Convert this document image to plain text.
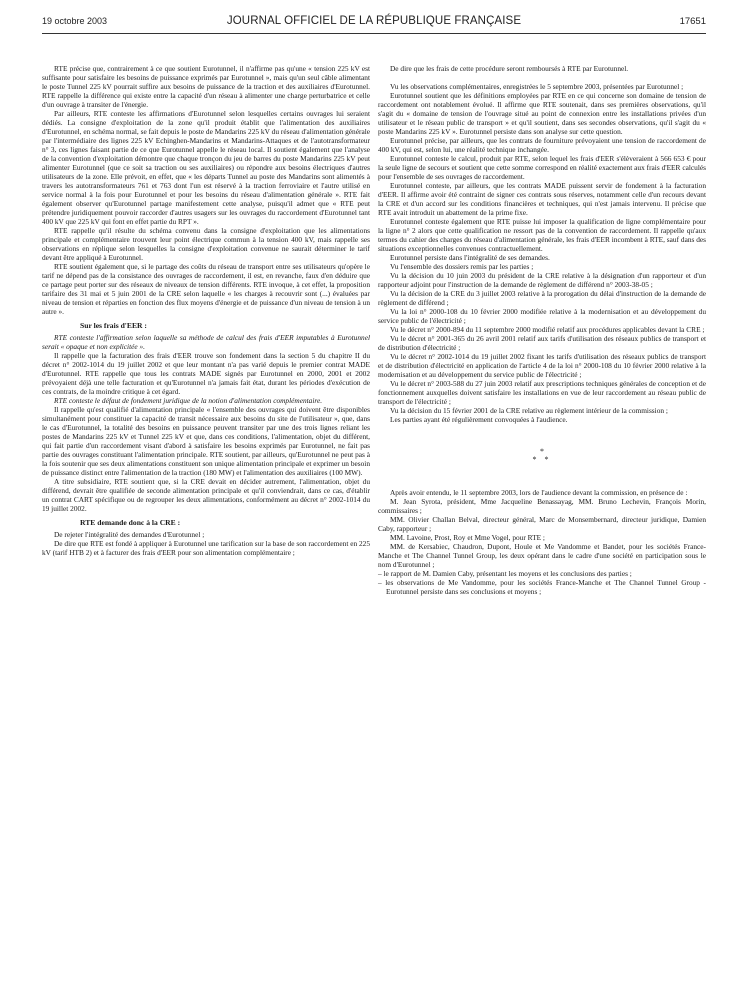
19 octobre 2003	JOURNAL OFFICIEL DE LA RÉPUBLIQUE FRANÇAISE	17651

RTE précise que, contrairement à ce que soutient Eurotunnel, il n'affirme pas qu'une « tension 225 kV est suffisante pour satisfaire les besoins de puissance exprimés par Eurotunnel », mais qu'un seul câble alimentant le poste Tunnel 225 kV pourrait suffire aux besoins de puissance de la traction et des auxiliaires d'Eurotunnel. RTE rappelle la différence qui existe entre la capacité d'un réseau à alimenter une charge perturbatrice et celle d'un ouvrage à transiter de l'énergie.

Par ailleurs, RTE conteste les affirmations d'Eurotunnel selon lesquelles certains ouvrages lui seraient dédiés. La consigne d'exploitation de la zone qu'il produit établit que l'alimentation des auxiliaires d'Eurotunnel, en schéma normal, se fait depuis le poste de Mandarins 225 kV du réseau d'alimentation générale par l'intermédiaire des lignes 225 kV Echinghen-Mandarins et Mandarins-Attaques et de l'autotransformateur n° 3, ces lignes faisant partie de ce que Eurotunnel appelle le réseau local. Il soutient également que l'analyse de la convention d'exploitation démontre que chaque tronçon du jeu de barres du poste Mandarins 225 kV peut alimenter Eurotunnel (que ce soit sa traction ou ses auxiliaires) ou répondre aux besoins électriques d'autres utilisateurs de la zone. Elle prévoit, en effet, que « les départs Tunnel au poste des Mandarins sont alimentés à travers les autotransformateurs 761 et 763 dont l'un est réservé à la traction ferroviaire et l'autre utilisé en service normal à la fois pour Eurotunnel et pour les besoins du réseau d'alimentation générale ». RTE fait également observer qu'Eurotunnel partage manifestement cette analyse, puisqu'il admet que « RTE peut prétendre juridiquement pouvoir raccorder d'autres usagers sur les ouvrages du raccordement d'Eurotunnel tant 400 kV que 225 kV qui font en effet partie du RPT ».

RTE rappelle qu'il résulte du schéma convenu dans la consigne d'exploitation que les alimentations principale et complémentaire trouvent leur point électrique commun à la tension 400 kV, mais rappelle ses observations en réplique selon lesquelles la consigne d'exploitation convenue ne saurait déterminer le tarif devant être appliqué à Eurotunnel.

RTE soutient également que, si le partage des coûts du réseau de transport entre ses utilisateurs qu'opère le tarif ne dépend pas de la consistance des ouvrages de raccordement, il est, en revanche, faux d'en déduire que ce partage peut porter sur des réseaux de niveaux de tension différents. RTE invoque, à cet effet, la proposition tarifaire des 31 mai et 5 juin 2001 de la CRE selon laquelle « les charges à recouvrir sont (...) évaluées par niveau de tension et réparties en fonction des flux moyens d'énergie et de puissance d'un niveau de tension à un autre ».

Sur les frais d'EER :

RTE conteste l'affirmation selon laquelle sa méthode de calcul des frais d'EER imputables à Eurotunnel serait « opaque et non explicitée ».

Il rappelle que la facturation des frais d'EER trouve son fondement dans la section 5 du chapitre II du décret n° 2002-1014 du 19 juillet 2002 et que leur montant n'a pas varié depuis le premier contrat MADE d'Eurotunnel. RTE rappelle que tous les contrats MADE signés par Eurotunnel en 2000, 2001 et 2002 prévoyaient déjà une telle facturation et qu'Eurotunnel n'a jamais fait état, durant les périodes d'exécution de ces contrats, de la moindre critique à cet égard.

RTE conteste le défaut de fondement juridique de la notion d'alimentation complémentaire.

Il rappelle qu'est qualifié d'alimentation principale « l'ensemble des ouvrages qui doivent être disponibles simultanément pour constituer la capacité de transit nécessaire aux besoins du site de l'utilisateur », que, dans le cas d'Eurotunnel, la totalité des besoins en puissance peuvent transiter par une des trois lignes reliant les postes de Mandarins 225 kV et Tunnel 225 kV et que, dans ces conditions, l'alimentation, objet du différent, qui fait partie d'un raccordement visant d'abord à satisfaire les besoins exprimés par Eurotunnel, ne fait pas partie des ouvrages constituant l'alimentation principale. RTE soutient, par ailleurs, qu'Eurotunnel ne peut pas à la fois soutenir que ses deux alimentations constituent son unique alimentation principale et exprimer un besoin de puissance distinct entre l'alimentation de la traction (180 MW) et l'alimentation des auxiliaires (100 MW).

A titre subsidiaire, RTE soutient que, si la CRE devait en décider autrement, l'alimentation, objet du différend, devrait être qualifiée de seconde alimentation principale et qu'il conviendrait, dans ce cas, d'établir un contrat CART spécifique ou de regrouper les deux alimentations, conformément au décret n° 2002-1014 du 19 juillet 2002.

RTE demande donc à la CRE :

De rejeter l'intégralité des demandes d'Eurotunnel ;

De dire que RTE est fondé à appliquer à Eurotunnel une tarification sur la base de son raccordement en 225 kV (tarif HTB 2) et à facturer des frais d'EER pour son alimentation complémentaire ;

De dire que les frais de cette procédure seront remboursés à RTE par Eurotunnel.

Vu les observations complémentaires, enregistrées le 5 septembre 2003, présentées par Eurotunnel ;

Eurotunnel soutient que les définitions employées par RTE en ce qui concerne son domaine de tension de raccordement ont notablement évolué. Il affirme que RTE soutenait, dans ses premières observations, qu'il s'agit du « domaine de tension de l'ouvrage situé au point de connexion entre les installations privées d'un utilisateur et le réseau public de transport » et qu'il soutient, dans ses secondes observations, qu'il s'agit du « poste Mandarins 225 kV ». Eurotunnel persiste dans son analyse sur cette question.

Eurotunnel précise, par ailleurs, que les contrats de fourniture prévoyaient une tension de raccordement de 400 kV, qui est, selon lui, une réalité technique inchangée.

Eurotunnel conteste le calcul, produit par RTE, selon lequel les frais d'EER s'élèveraient à 566 653 € pour la seule ligne de secours et soutient que cette somme correspond en réalité exactement aux frais d'EER calculés pour l'ensemble de ses ouvrages de raccordement.

Eurotunnel conteste, par ailleurs, que les contrats MADE puissent servir de fondement à la facturation d'EER. Il affirme avoir été contraint de signer ces contrats sous réserves, notamment celle d'un recours devant la CRE et d'un accord sur les conditions financières et techniques, qui n'est jamais intervenu. Il précise que RTE avait introduit un abattement de la prime fixe.

Eurotunnel conteste également que RTE puisse lui imposer la qualification de ligne complémentaire pour la ligne n° 2 alors que cette qualification ne ressort pas de la convention de raccordement. Il rappelle qu'aux termes du cahier des charges du réseau d'alimentation générale, les frais d'EER incombent à RTE, sauf dans des situations exceptionnelles convenues contractuellement.

Eurotunnel persiste dans l'intégralité de ses demandes.

Vu l'ensemble des dossiers remis par les parties ;

Vu la décision du 10 juin 2003 du président de la CRE relative à la désignation d'un rapporteur et d'un rapporteur adjoint pour l'instruction de la demande de règlement de différend n° 2003-38-05 ;

Vu la décision de la CRE du 3 juillet 2003 relative à la prorogation du délai d'instruction de la demande de règlement de différend ;

Vu la loi n° 2000-108 du 10 février 2000 modifiée relative à la modernisation et au développement du service public de l'électricité ;

Vu le décret n° 2000-894 du 11 septembre 2000 modifié relatif aux procédures applicables devant la CRE ;

Vu le décret n° 2001-365 du 26 avril 2001 relatif aux tarifs d'utilisation des réseaux publics de transport et de distribution d'électricité ;

Vu le décret n° 2002-1014 du 19 juillet 2002 fixant les tarifs d'utilisation des réseaux publics de transport et de distribution d'électricité en application de l'article 4 de la loi n° 2000-108 du 10 février 2000 relative à la modernisation et au développement du service public de l'électricité ;

Vu le décret n° 2003-588 du 27 juin 2003 relatif aux prescriptions techniques générales de conception et de fonctionnement auxquelles doivent satisfaire les installations en vue de leur raccordement au réseau public de transport de l'électricité ;

Vu la décision du 15 février 2001 de la CRE relative au règlement intérieur de la commission ;

Les parties ayant été régulièrement convoquées à l'audience.

*
* *

Après avoir entendu, le 11 septembre 2003, lors de l'audience devant la commission, en présence de :

M. Jean Syrota, président, Mme Jacqueline Benassayag, MM. Bruno Lechevin, François Morin, commissaires ;

MM. Olivier Challan Belval, directeur général, Marc de Monsembernard, directeur juridique, Damien Caby, rapporteur ;

MM. Lavoine, Prost, Roy et Mme Vogel, pour RTE ;

MM. de Kersabiec, Chaudron, Dupont, Houle et Me Vandomme et Bandet, pour les sociétés France-Manche et The Channel Tunnel Group, les deux opérant dans le cadre d'une société en participation sous le nom d'Eurotunnel ;

– le rapport de M. Damien Caby, présentant les moyens et les conclusions des parties ;
– les observations de Me Vandomme, pour les sociétés France-Manche et The Channel Tunnel Group - Eurotunnel persiste dans ses conclusions et moyens ;
